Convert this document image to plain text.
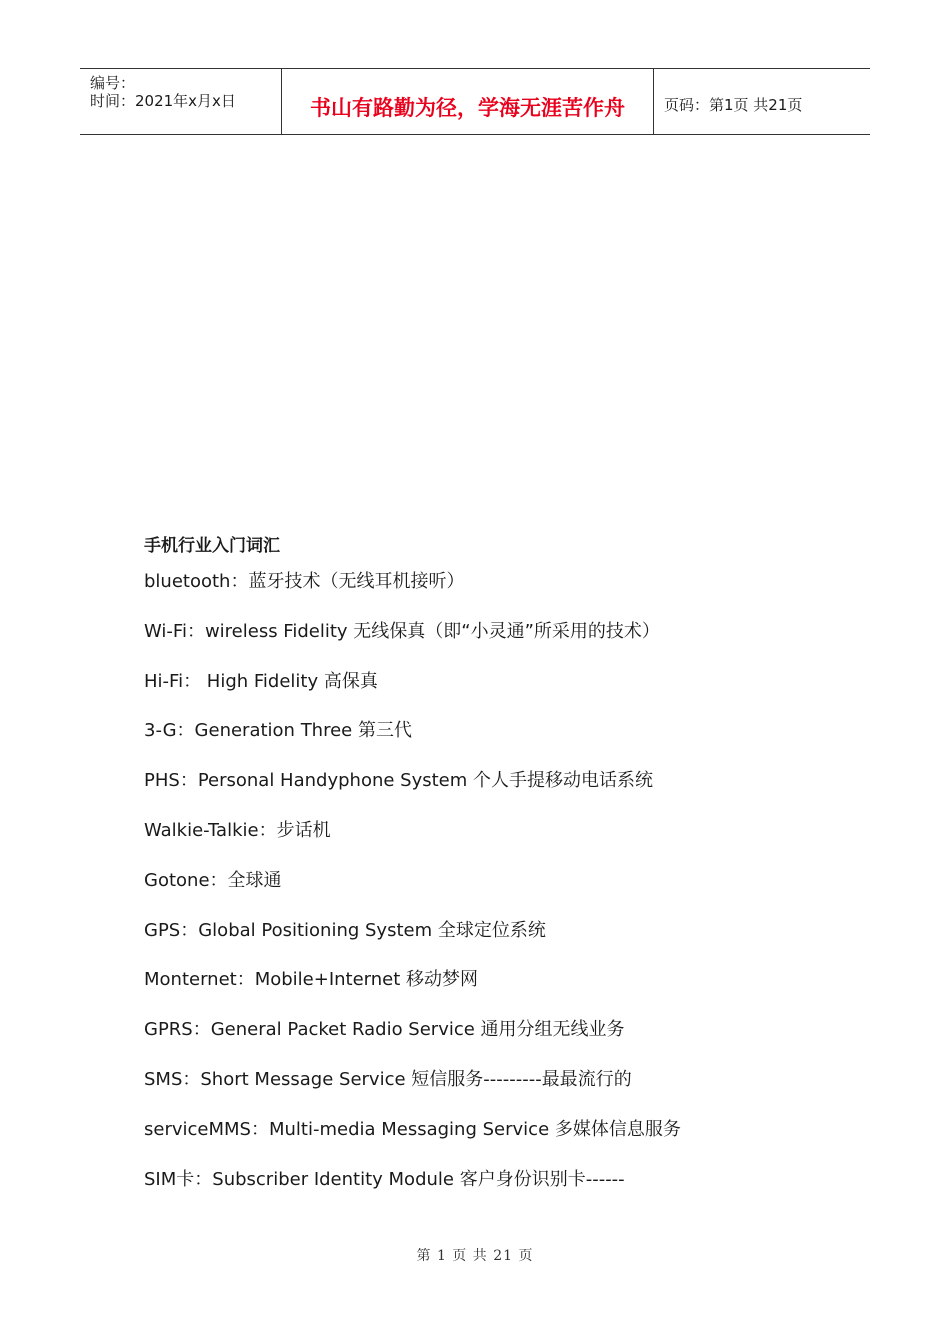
编号：
时间：2021年x月x日	书山有路勤为径，学海无涯苦作舟	页码：第1页 共21页
手机行业入门词汇
bluetooth：蓝牙技术（无线耳机接听）
Wi-Fi：wireless Fidelity 无线保真（即“小灵通”所采用的技术）
Hi-Fi： High Fidelity 高保真
3-G：Generation Three 第三代
PHS：Personal Handyphone System 个人手提移动电话系统
Walkie-Talkie：步话机
Gotone：全球通
GPS：Global Positioning System 全球定位系统
Monternet：Mobile+Internet 移动梦网
GPRS：General Packet Radio Service 通用分组无线业务
SMS：Short Message Service 短信服务---------最最流行的
serviceMMS：Multi-media Messaging Service 多媒体信息服务
SIM卡：Subscriber Identity Module 客户身份识别卡------
第 1 页 共 21 页
